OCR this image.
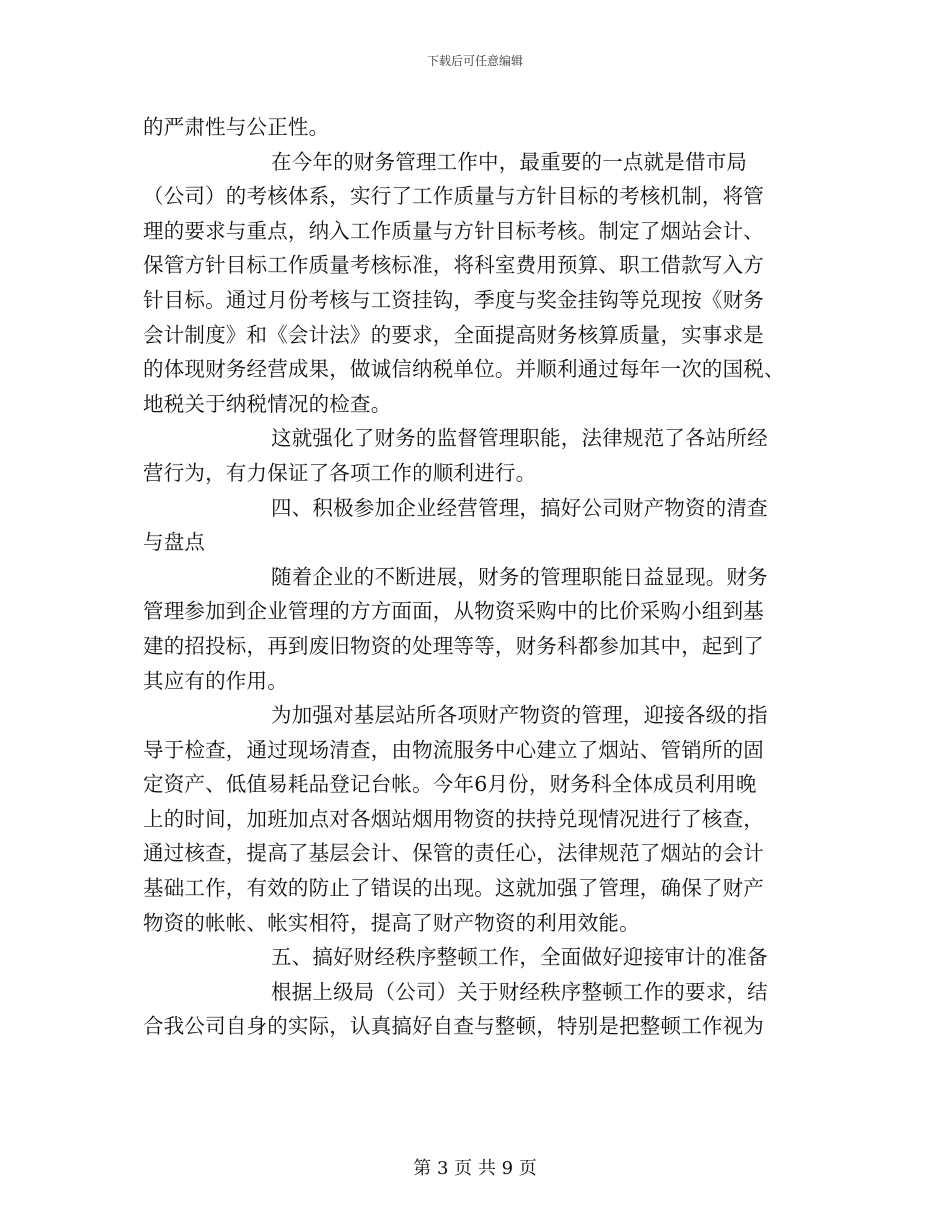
下载后可任意编辑
的严肃性与公正性。
在今年的财务管理工作中，最重要的一点就是借市局
（公司）的考核体系，实行了工作质量与方针目标的考核机制，将管
理的要求与重点，纳入工作质量与方针目标考核。制定了烟站会计、
保管方针目标工作质量考核标准，将科室费用预算、职工借款写入方
针目标。通过月份考核与工资挂钩，季度与奖金挂钩等兑现按《财务
会计制度》和《会计法》的要求，全面提高财务核算质量，实事求是
的体现财务经营成果，做诚信纳税单位。并顺利通过每年一次的国税、
地税关于纳税情况的检查。
这就强化了财务的监督管理职能，法律规范了各站所经
营行为，有力保证了各项工作的顺利进行。
四、积极参加企业经营管理，搞好公司财产物资的清查
与盘点
随着企业的不断进展，财务的管理职能日益显现。财务
管理参加到企业管理的方方面面，从物资采购中的比价采购小组到基
建的招投标，再到废旧物资的处理等等，财务科都参加其中，起到了
其应有的作用。
为加强对基层站所各项财产物资的管理，迎接各级的指
导于检查，通过现场清查，由物流服务中心建立了烟站、管销所的固
定资产、低值易耗品登记台帐。今年6月份，财务科全体成员利用晚
上的时间，加班加点对各烟站烟用物资的扶持兑现情况进行了核查，
通过核查，提高了基层会计、保管的责任心，法律规范了烟站的会计
基础工作，有效的防止了错误的出现。这就加强了管理，确保了财产
物资的帐帐、帐实相符，提高了财产物资的利用效能。
五、搞好财经秩序整顿工作，全面做好迎接审计的准备
根据上级局（公司）关于财经秩序整顿工作的要求，结
合我公司自身的实际，认真搞好自查与整顿，特别是把整顿工作视为
第 3 页 共 9 页
